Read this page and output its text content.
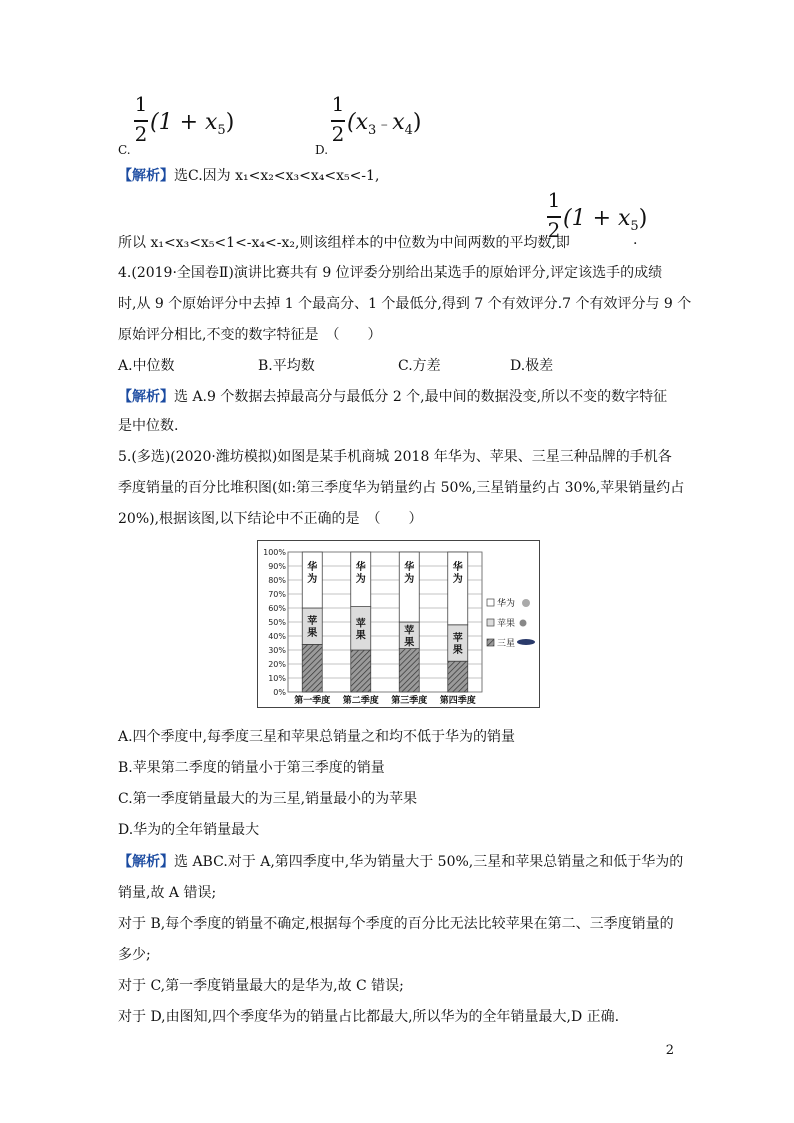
C.
1
2 $(1 + x_5)$
D.
1
2 $(x_3 - x_4)$
【解析】选C.因为 x₁<x₂<x₃<x₄<x₅<-1,
1
2 $(1 + x_5)$
所以 x₁<x₃<x₅<1<-x₄<-x₂,则该组样本的中位数为中间两数的平均数,即	.
4.(2019·全国卷Ⅱ)演讲比赛共有 9 位评委分别给出某选手的原始评分,评定该选手的成绩
时,从 9 个原始评分中去掉 1 个最高分、1 个最低分,得到 7 个有效评分.7 个有效评分与 9 个
原始评分相比,不变的数字特征是　（　　）
A.中位数	B.平均数	C.方差	D.极差
【解析】选 A.9 个数据去掉最高分与最低分 2 个,最中间的数据没变,所以不变的数字特征
是中位数.
5.(多选)(2020·潍坊模拟)如图是某手机商城 2018 年华为、苹果、三星三种品牌的手机各
季度销量的百分比堆积图(如:第三季度华为销量约占 50%,三星销量约占 30%,苹果销量约占
20%),根据该图,以下结论中不正确的是　（　　）
0%
10%
20%
30%
40%
50%
60%
70%
80%
90%
100%
苹
果
华
为
第一季度
苹
果
华
为
第二季度
苹
果
华
为
第三季度
苹
果
华
为
第四季度
华为
苹果
三星
A.四个季度中,每季度三星和苹果总销量之和均不低于华为的销量
B.苹果第二季度的销量小于第三季度的销量
C.第一季度销量最大的为三星,销量最小的为苹果
D.华为的全年销量最大
【解析】选 ABC.对于 A,第四季度中,华为销量大于 50%,三星和苹果总销量之和低于华为的
销量,故 A 错误;
对于 B,每个季度的销量不确定,根据每个季度的百分比无法比较苹果在第二、三季度销量的
多少;
对于 C,第一季度销量最大的是华为,故 C 错误;
对于 D,由图知,四个季度华为的销量占比都最大,所以华为的全年销量最大,D 正确.
2
